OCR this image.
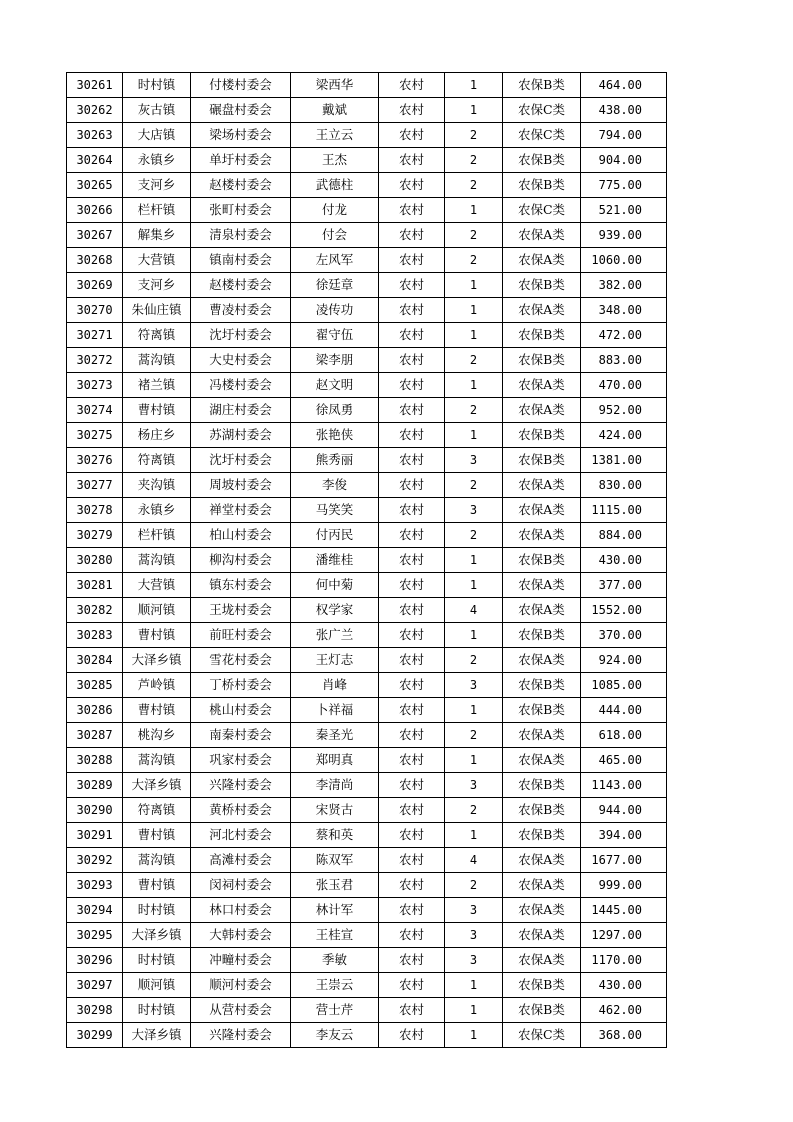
30261	时村镇	付楼村委会	梁西华	农村	1	农保B类	464.00
30262	灰古镇	碾盘村委会	戴斌	农村	1	农保C类	438.00
30263	大店镇	梁场村委会	王立云	农村	2	农保C类	794.00
30264	永镇乡	单圩村委会	王杰	农村	2	农保B类	904.00
30265	支河乡	赵楼村委会	武德柱	农村	2	农保B类	775.00
30266	栏杆镇	张町村委会	付龙	农村	1	农保C类	521.00
30267	解集乡	清泉村委会	付会	农村	2	农保A类	939.00
30268	大营镇	镇南村委会	左风军	农村	2	农保A类	1060.00
30269	支河乡	赵楼村委会	徐廷章	农村	1	农保B类	382.00
30270	朱仙庄镇	曹凌村委会	凌传功	农村	1	农保A类	348.00
30271	符离镇	沈圩村委会	翟守伍	农村	1	农保B类	472.00
30272	蒿沟镇	大史村委会	梁李朋	农村	2	农保B类	883.00
30273	褚兰镇	冯楼村委会	赵文明	农村	1	农保A类	470.00
30274	曹村镇	湖庄村委会	徐凤勇	农村	2	农保A类	952.00
30275	杨庄乡	苏湖村委会	张艳侠	农村	1	农保B类	424.00
30276	符离镇	沈圩村委会	熊秀丽	农村	3	农保B类	1381.00
30277	夹沟镇	周坡村委会	李俊	农村	2	农保A类	830.00
30278	永镇乡	禅堂村委会	马笑笑	农村	3	农保A类	1115.00
30279	栏杆镇	柏山村委会	付丙民	农村	2	农保A类	884.00
30280	蒿沟镇	柳沟村委会	潘维桂	农村	1	农保B类	430.00
30281	大营镇	镇东村委会	何中菊	农村	1	农保A类	377.00
30282	顺河镇	王垅村委会	权学家	农村	4	农保A类	1552.00
30283	曹村镇	前旺村委会	张广兰	农村	1	农保B类	370.00
30284	大泽乡镇	雪花村委会	王灯志	农村	2	农保A类	924.00
30285	芦岭镇	丁桥村委会	肖峰	农村	3	农保B类	1085.00
30286	曹村镇	桃山村委会	卜祥福	农村	1	农保B类	444.00
30287	桃沟乡	南秦村委会	秦圣光	农村	2	农保A类	618.00
30288	蒿沟镇	巩家村委会	郑明真	农村	1	农保A类	465.00
30289	大泽乡镇	兴隆村委会	李清尚	农村	3	农保B类	1143.00
30290	符离镇	黄桥村委会	宋贤古	农村	2	农保B类	944.00
30291	曹村镇	河北村委会	蔡和英	农村	1	农保B类	394.00
30292	蒿沟镇	高滩村委会	陈双军	农村	4	农保A类	1677.00
30293	曹村镇	闵祠村委会	张玉君	农村	2	农保A类	999.00
30294	时村镇	林口村委会	林计军	农村	3	农保A类	1445.00
30295	大泽乡镇	大韩村委会	王桂宣	农村	3	农保A类	1297.00
30296	时村镇	冲疃村委会	季敏	农村	3	农保A类	1170.00
30297	顺河镇	顺河村委会	王崇云	农村	1	农保B类	430.00
30298	时村镇	从营村委会	营士芹	农村	1	农保B类	462.00
30299	大泽乡镇	兴隆村委会	李友云	农村	1	农保C类	368.00
